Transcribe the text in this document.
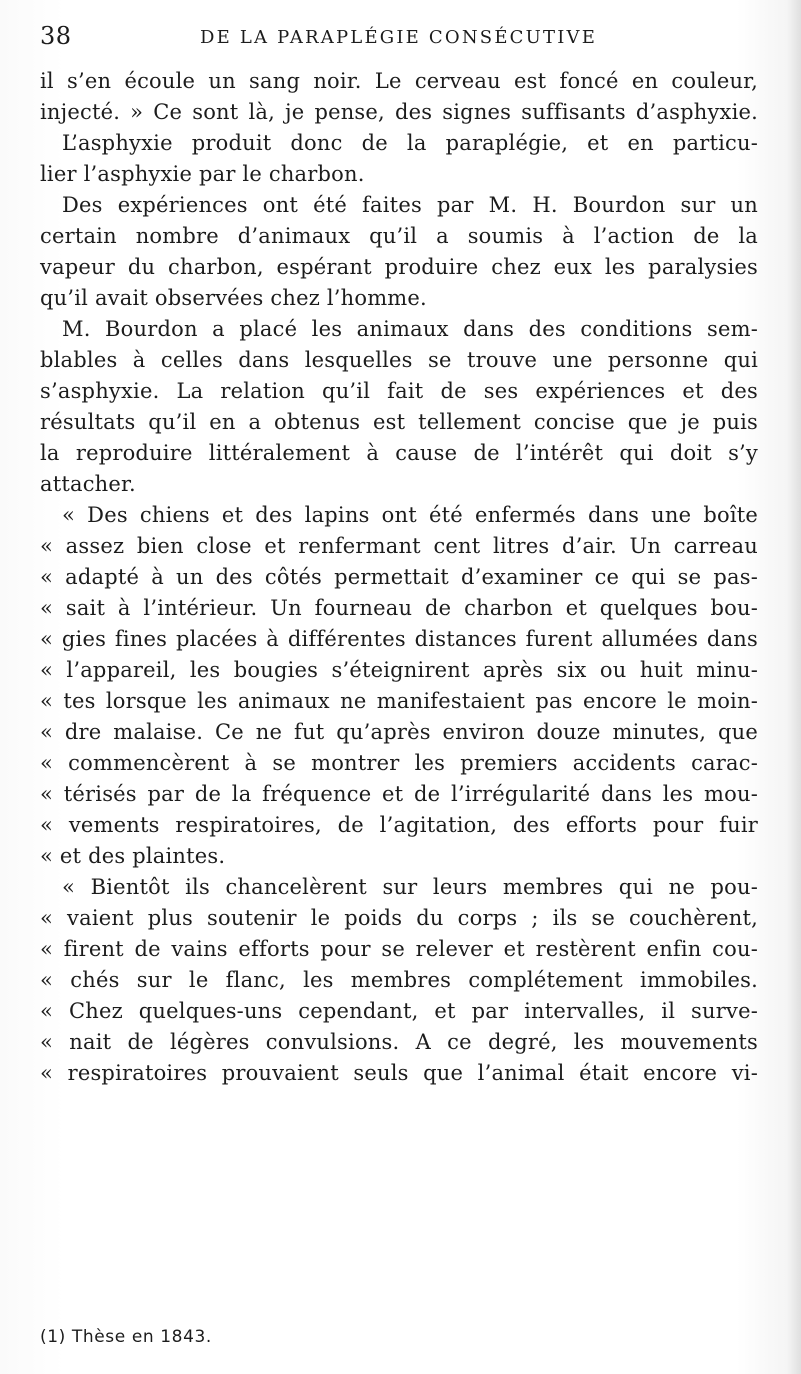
38	DE LA PARAPLÉGIE CONSÉCUTIVE
il s’en écoule un sang noir. Le cerveau est foncé en couleur,
injecté. » Ce sont là, je pense, des signes suffisants d’asphyxie.
L’asphyxie produit donc de la paraplégie, et en particu-
lier l’asphyxie par le charbon.
Des expériences ont été faites par M. H. Bourdon sur un
certain nombre d’animaux qu’il a soumis à l’action de la
vapeur du charbon, espérant produire chez eux les paralysies
qu’il avait observées chez l’homme.
M. Bourdon a placé les animaux dans des conditions sem-
blables à celles dans lesquelles se trouve une personne qui
s’asphyxie. La relation qu’il fait de ses expériences et des
résultats qu’il en a obtenus est tellement concise que je puis
la reproduire littéralement à cause de l’intérêt qui doit s’y
attacher.
« Des chiens et des lapins ont été enfermés dans une boîte
« assez bien close et renfermant cent litres d’air. Un carreau
« adapté à un des côtés permettait d’examiner ce qui se pas-
« sait à l’intérieur. Un fourneau de charbon et quelques bou-
« gies fines placées à différentes distances furent allumées dans
« l’appareil, les bougies s’éteignirent après six ou huit minu-
« tes lorsque les animaux ne manifestaient pas encore le moin-
« dre malaise. Ce ne fut qu’après environ douze minutes, que
« commencèrent à se montrer les premiers accidents carac-
« térisés par de la fréquence et de l’irrégularité dans les mou-
« vements respiratoires, de l’agitation, des efforts pour fuir
« et des plaintes.
« Bientôt ils chancelèrent sur leurs membres qui ne pou-
« vaient plus soutenir le poids du corps ; ils se couchèrent,
« firent de vains efforts pour se relever et restèrent enfin cou-
« chés sur le flanc, les membres complétement immobiles.
« Chez quelques-uns cependant, et par intervalles, il surve-
« nait de légères convulsions. A ce degré, les mouvements
« respiratoires prouvaient seuls que l’animal était encore vi-
(1) Thèse en 1843.
